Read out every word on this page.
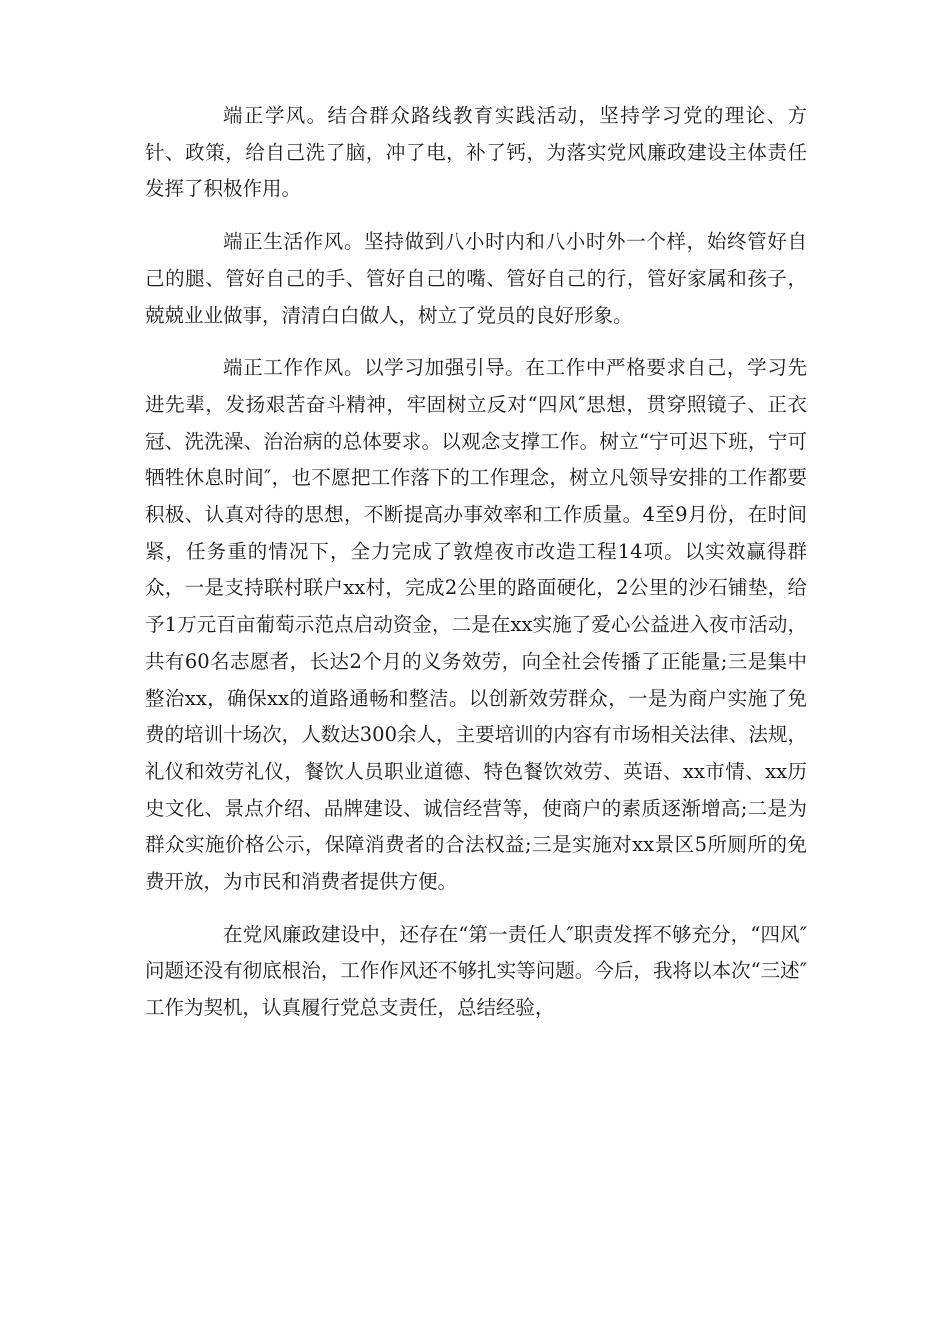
端正学风。结合群众路线教育实践活动，坚持学习党的理论、方针、政策，给自己洗了脑，冲了电，补了钙，为落实党风廉政建设主体责任发挥了积极作用。

端正生活作风。坚持做到八小时内和八小时外一个样，始终管好自己的腿、管好自己的手、管好自己的嘴、管好自己的行，管好家属和孩子，兢兢业业做事，清清白白做人，树立了党员的良好形象。

端正工作作风。以学习加强引导。在工作中严格要求自己，学习先进先辈，发扬艰苦奋斗精神，牢固树立反对“四风″思想，贯穿照镜子、正衣冠、洗洗澡、治治病的总体要求。以观念支撑工作。树立“宁可迟下班，宁可牺牲休息时间″，也不愿把工作落下的工作理念，树立凡领导安排的工作都要积极、认真对待的思想，不断提高办事效率和工作质量。4至9月份，在时间紧，任务重的情况下，全力完成了敦煌夜市改造工程14项。以实效赢得群众，一是支持联村联户xx村，完成2公里的路面硬化，2公里的沙石铺垫，给予1万元百亩葡萄示范点启动资金，二是在xx实施了爱心公益进入夜市活动，共有60名志愿者，长达2个月的义务效劳，向全社会传播了正能量;三是集中整治xx，确保xx的道路通畅和整洁。以创新效劳群众，一是为商户实施了免费的培训十场次，人数达300余人，主要培训的内容有市场相关法律、法规，礼仪和效劳礼仪，餐饮人员职业道德、特色餐饮效劳、英语、xx市情、xx历史文化、景点介绍、品牌建设、诚信经营等，使商户的素质逐渐增高;二是为群众实施价格公示，保障消费者的合法权益;三是实施对xx景区5所厕所的免费开放，为市民和消费者提供方便。

在党风廉政建设中，还存在“第一责任人″职责发挥不够充分，“四风″问题还没有彻底根治，工作作风还不够扎实等问题。今后，我将以本次“三述″工作为契机，认真履行党总支责任，总结经验，
